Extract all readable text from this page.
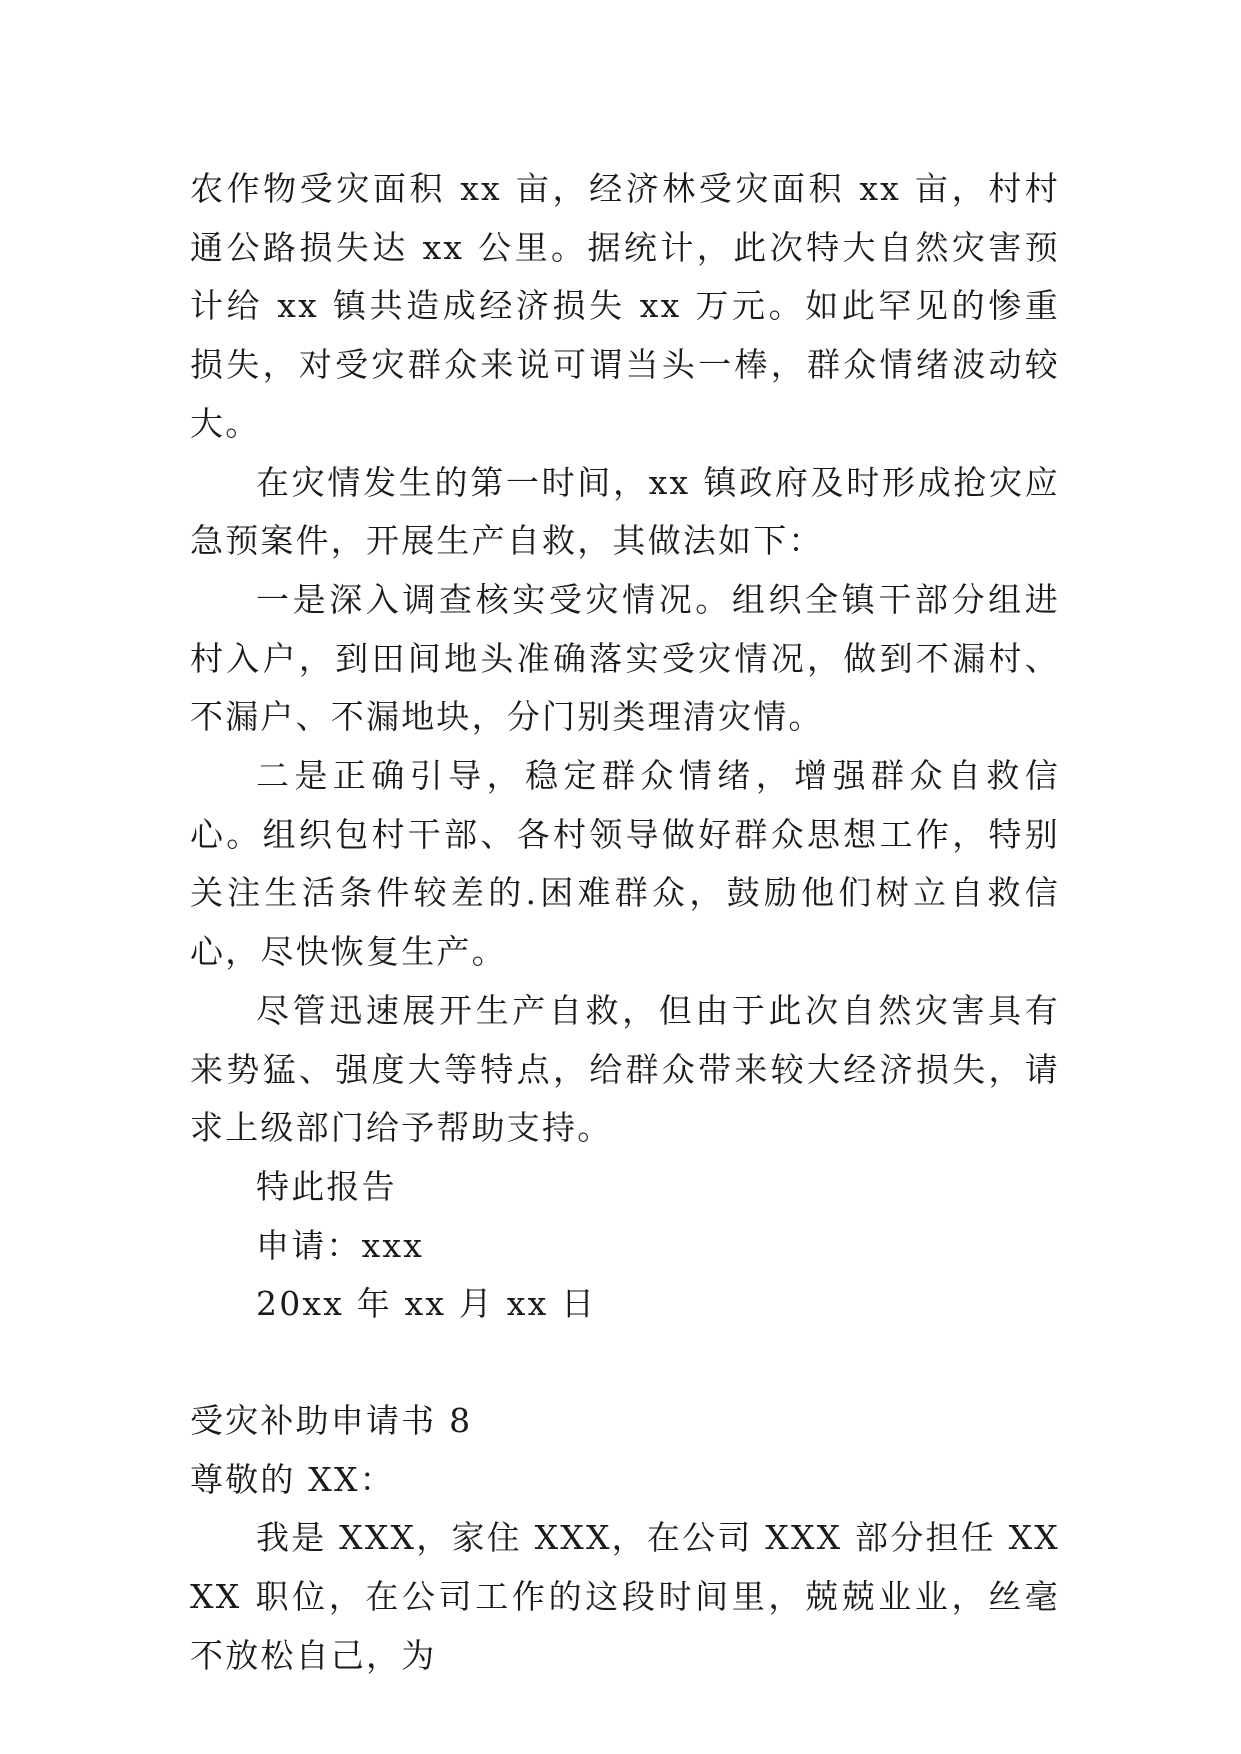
农作物受灾面积 xx 亩，经济林受灾面积 xx 亩，村村通公路损失达 xx 公里。据统计，此次特大自然灾害预计给 xx 镇共造成经济损失 xx 万元。如此罕见的惨重损失，对受灾群众来说可谓当头一棒，群众情绪波动较大。

在灾情发生的第一时间，xx 镇政府及时形成抢灾应急预案件，开展生产自救，其做法如下：

一是深入调查核实受灾情况。组织全镇干部分组进村入户，到田间地头准确落实受灾情况，做到不漏村、不漏户、不漏地块，分门别类理清灾情。

二是正确引导，稳定群众情绪，增强群众自救信心。组织包村干部、各村领导做好群众思想工作，特别关注生活条件较差的.困难群众，鼓励他们树立自救信心，尽快恢复生产。

尽管迅速展开生产自救，但由于此次自然灾害具有来势猛、强度大等特点，给群众带来较大经济损失，请求上级部门给予帮助支持。

特此报告

申请：xxx

20xx 年 xx 月 xx 日

受灾补助申请书 8

尊敬的 XX：

我是 XXX，家住 XXX，在公司 XXX 部分担任 XXXX 职位，在公司工作的这段时间里，兢兢业业，丝毫不放松自己，为
